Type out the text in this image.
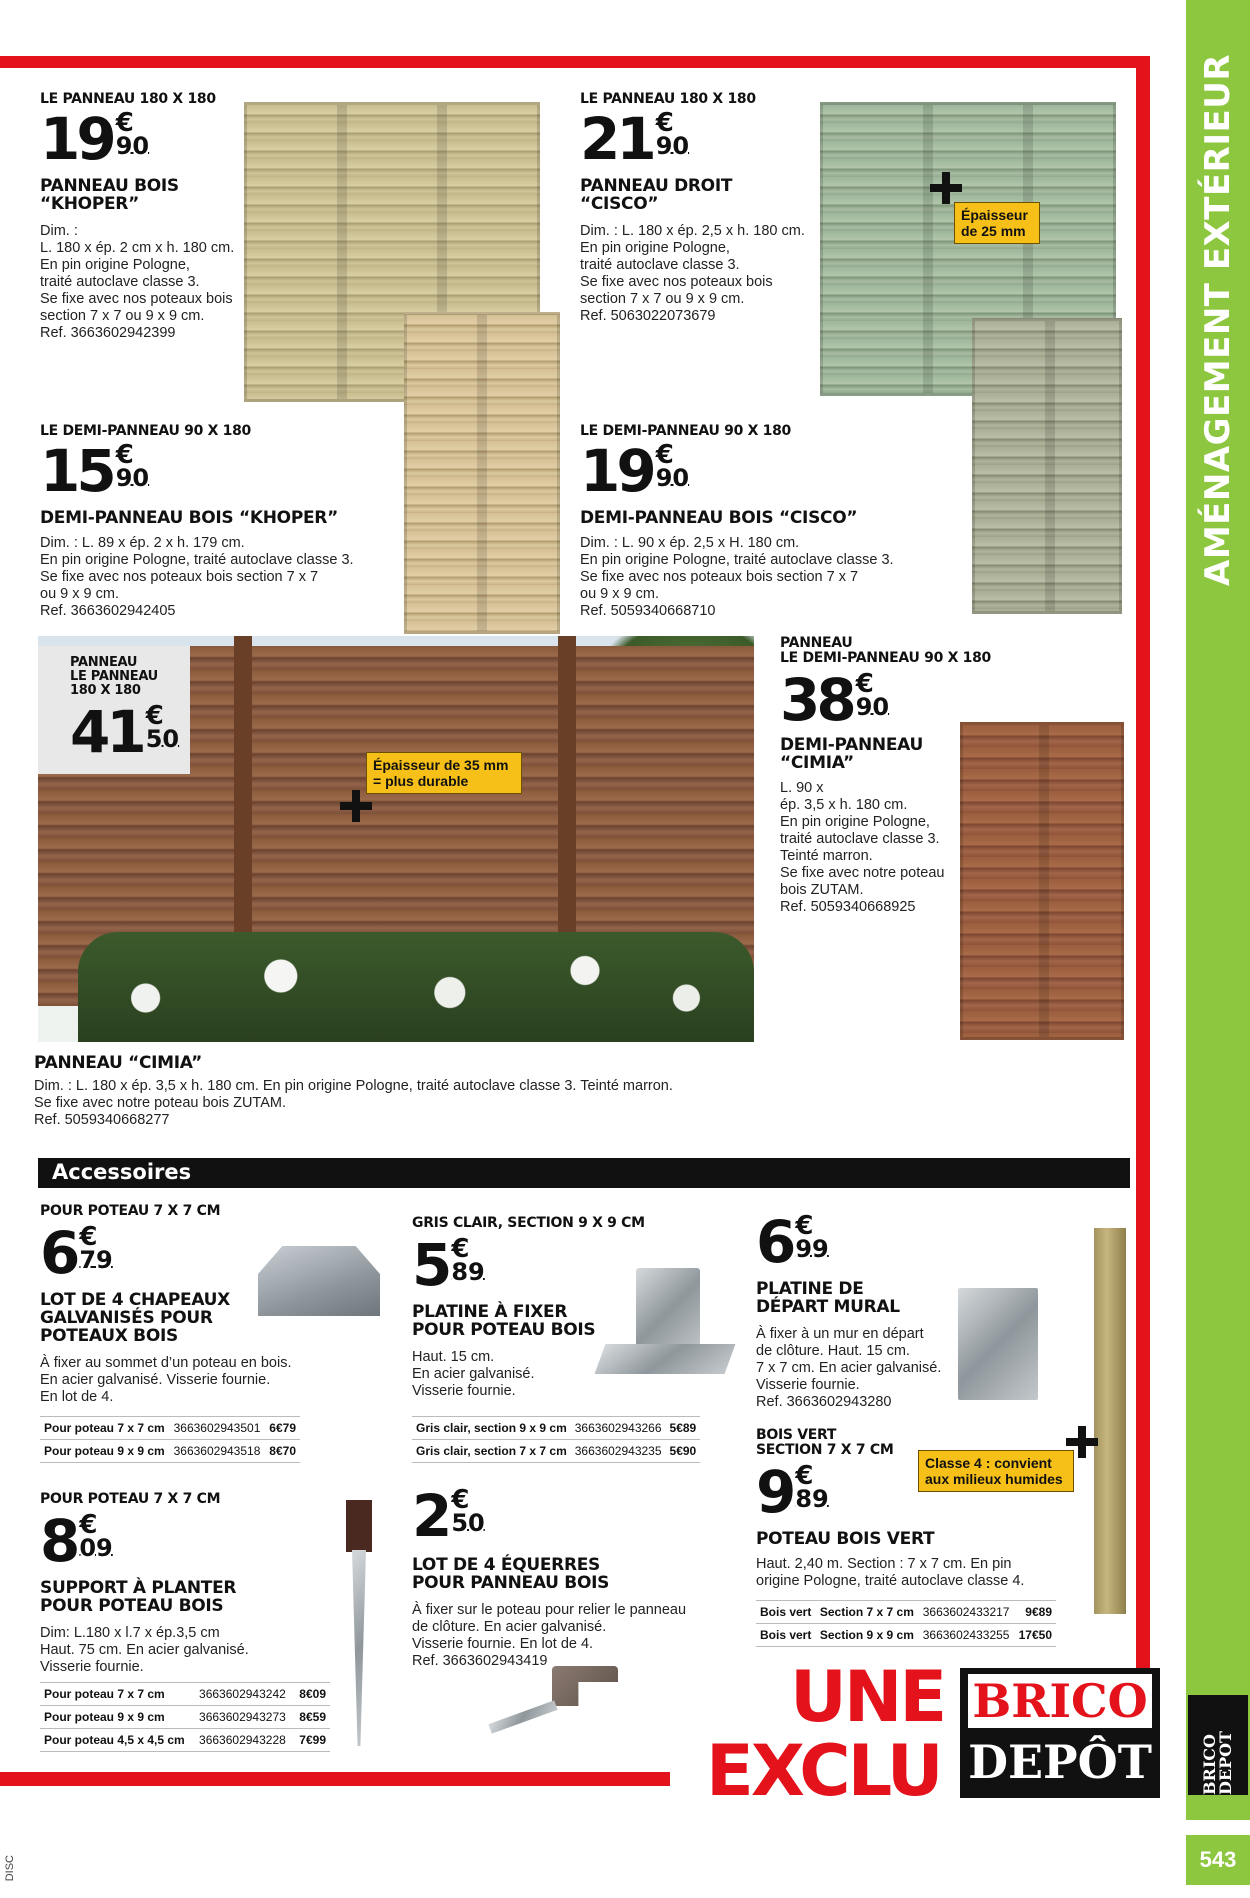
AMÉNAGEMENT EXTÉRIEUR
BRICO DEPOT
543
DISC
LE PANNEAU 180 X 180
19 €
90
PANNEAU BOIS “KHOPER”
Dim. :
L. 180 x ép. 2 cm x h. 180 cm.
En pin origine Pologne,
traité autoclave classe 3.
Se fixe avec nos poteaux bois
section 7 x 7 ou 9 x 9 cm.
Ref. 3663602942399
LE PANNEAU 180 X 180
21 €
90
PANNEAU DROIT “CISCO”
Dim. : L. 180 x ép. 2,5 x h. 180 cm.
En pin origine Pologne,
traité autoclave classe 3.
Se fixe avec nos poteaux bois
section 7 x 7 ou 9 x 9 cm.
Ref. 5063022073679
Épaisseur de 25 mm
LE DEMI-PANNEAU 90 X 180
15 €
90
DEMI-PANNEAU BOIS “KHOPER”
Dim. : L. 89 x ép. 2 x h. 179 cm.
En pin origine Pologne, traité autoclave classe 3.
Se fixe avec nos poteaux bois section 7 x 7
ou 9 x 9 cm.
Ref. 3663602942405
LE DEMI-PANNEAU 90 X 180
19 €
90
DEMI-PANNEAU BOIS “CISCO”
Dim. : L. 90 x ép. 2,5 x H. 180 cm.
En pin origine Pologne, traité autoclave classe 3.
Se fixe avec nos poteaux bois section 7 x 7
ou 9 x 9 cm.
Ref. 5059340668710
PANNEAU
LE PANNEAU
180 X 180
41 €
50
Épaisseur de 35 mm = plus durable
PANNEAU “CIMIA”
Dim. : L. 180 x ép. 3,5 x h. 180 cm. En pin origine Pologne, traité autoclave classe 3. Teinté marron.
Se fixe avec notre poteau bois ZUTAM.
Ref. 5059340668277
PANNEAU
LE DEMI-PANNEAU 90 X 180
38 €
90
DEMI-PANNEAU “CIMIA”
L. 90 x
ép. 3,5 x h. 180 cm.
En pin origine Pologne,
traité autoclave classe 3.
Teinté marron.
Se fixe avec notre poteau
bois ZUTAM.
Ref. 5059340668925
Accessoires
POUR POTEAU 7 X 7 CM
6 €
79
LOT DE 4 CHAPEAUX GALVANISÉS POUR POTEAUX BOIS
À fixer au sommet d’un poteau en bois.
En acier galvanisé. Visserie fournie.
En lot de 4.
Pour poteau 7 x 7 cm	3663602943501	6€79
Pour poteau 9 x 9 cm	3663602943518	8€70
GRIS CLAIR, SECTION 9 X 9 CM
5 €
89
PLATINE À FIXER POUR POTEAU BOIS
Haut. 15 cm.
En acier galvanisé.
Visserie fournie.
Gris clair, section 9 x 9 cm	3663602943266	5€89
Gris clair, section 7 x 7 cm	3663602943235	5€90
6 €
99
PLATINE DE DÉPART MURAL
À fixer à un mur en départ
de clôture. Haut. 15 cm.
7 x 7 cm. En acier galvanisé.
Visserie fournie.
Ref. 3663602943280
POUR POTEAU 7 X 7 CM
8 €
09
SUPPORT À PLANTER POUR POTEAU BOIS
Dim: L.180 x l.7 x ép.3,5 cm
Haut. 75 cm. En acier galvanisé.
Visserie fournie.
Pour poteau 7 x 7 cm	3663602943242	8€09
Pour poteau 9 x 9 cm	3663602943273	8€59
Pour poteau 4,5 x 4,5 cm	3663602943228	7€99
2 €
50
LOT DE 4 ÉQUERRES POUR PANNEAU BOIS
À fixer sur le poteau pour relier le panneau
de clôture. En acier galvanisé.
Visserie fournie. En lot de 4.
Ref. 3663602943419
BOIS VERT
SECTION 7 X 7 CM
9 €
89
POTEAU BOIS VERT
Haut. 2,40 m. Section : 7 x 7 cm. En pin
origine Pologne, traité autoclave classe 4.
Classe 4 : convient aux milieux humides
Bois vert	Section 7 x 7 cm	3663602433217	9€89
Bois vert	Section 9 x 9 cm	3663602433255	17€50
UNE
EXCLU
BRICO
DEPÔT
